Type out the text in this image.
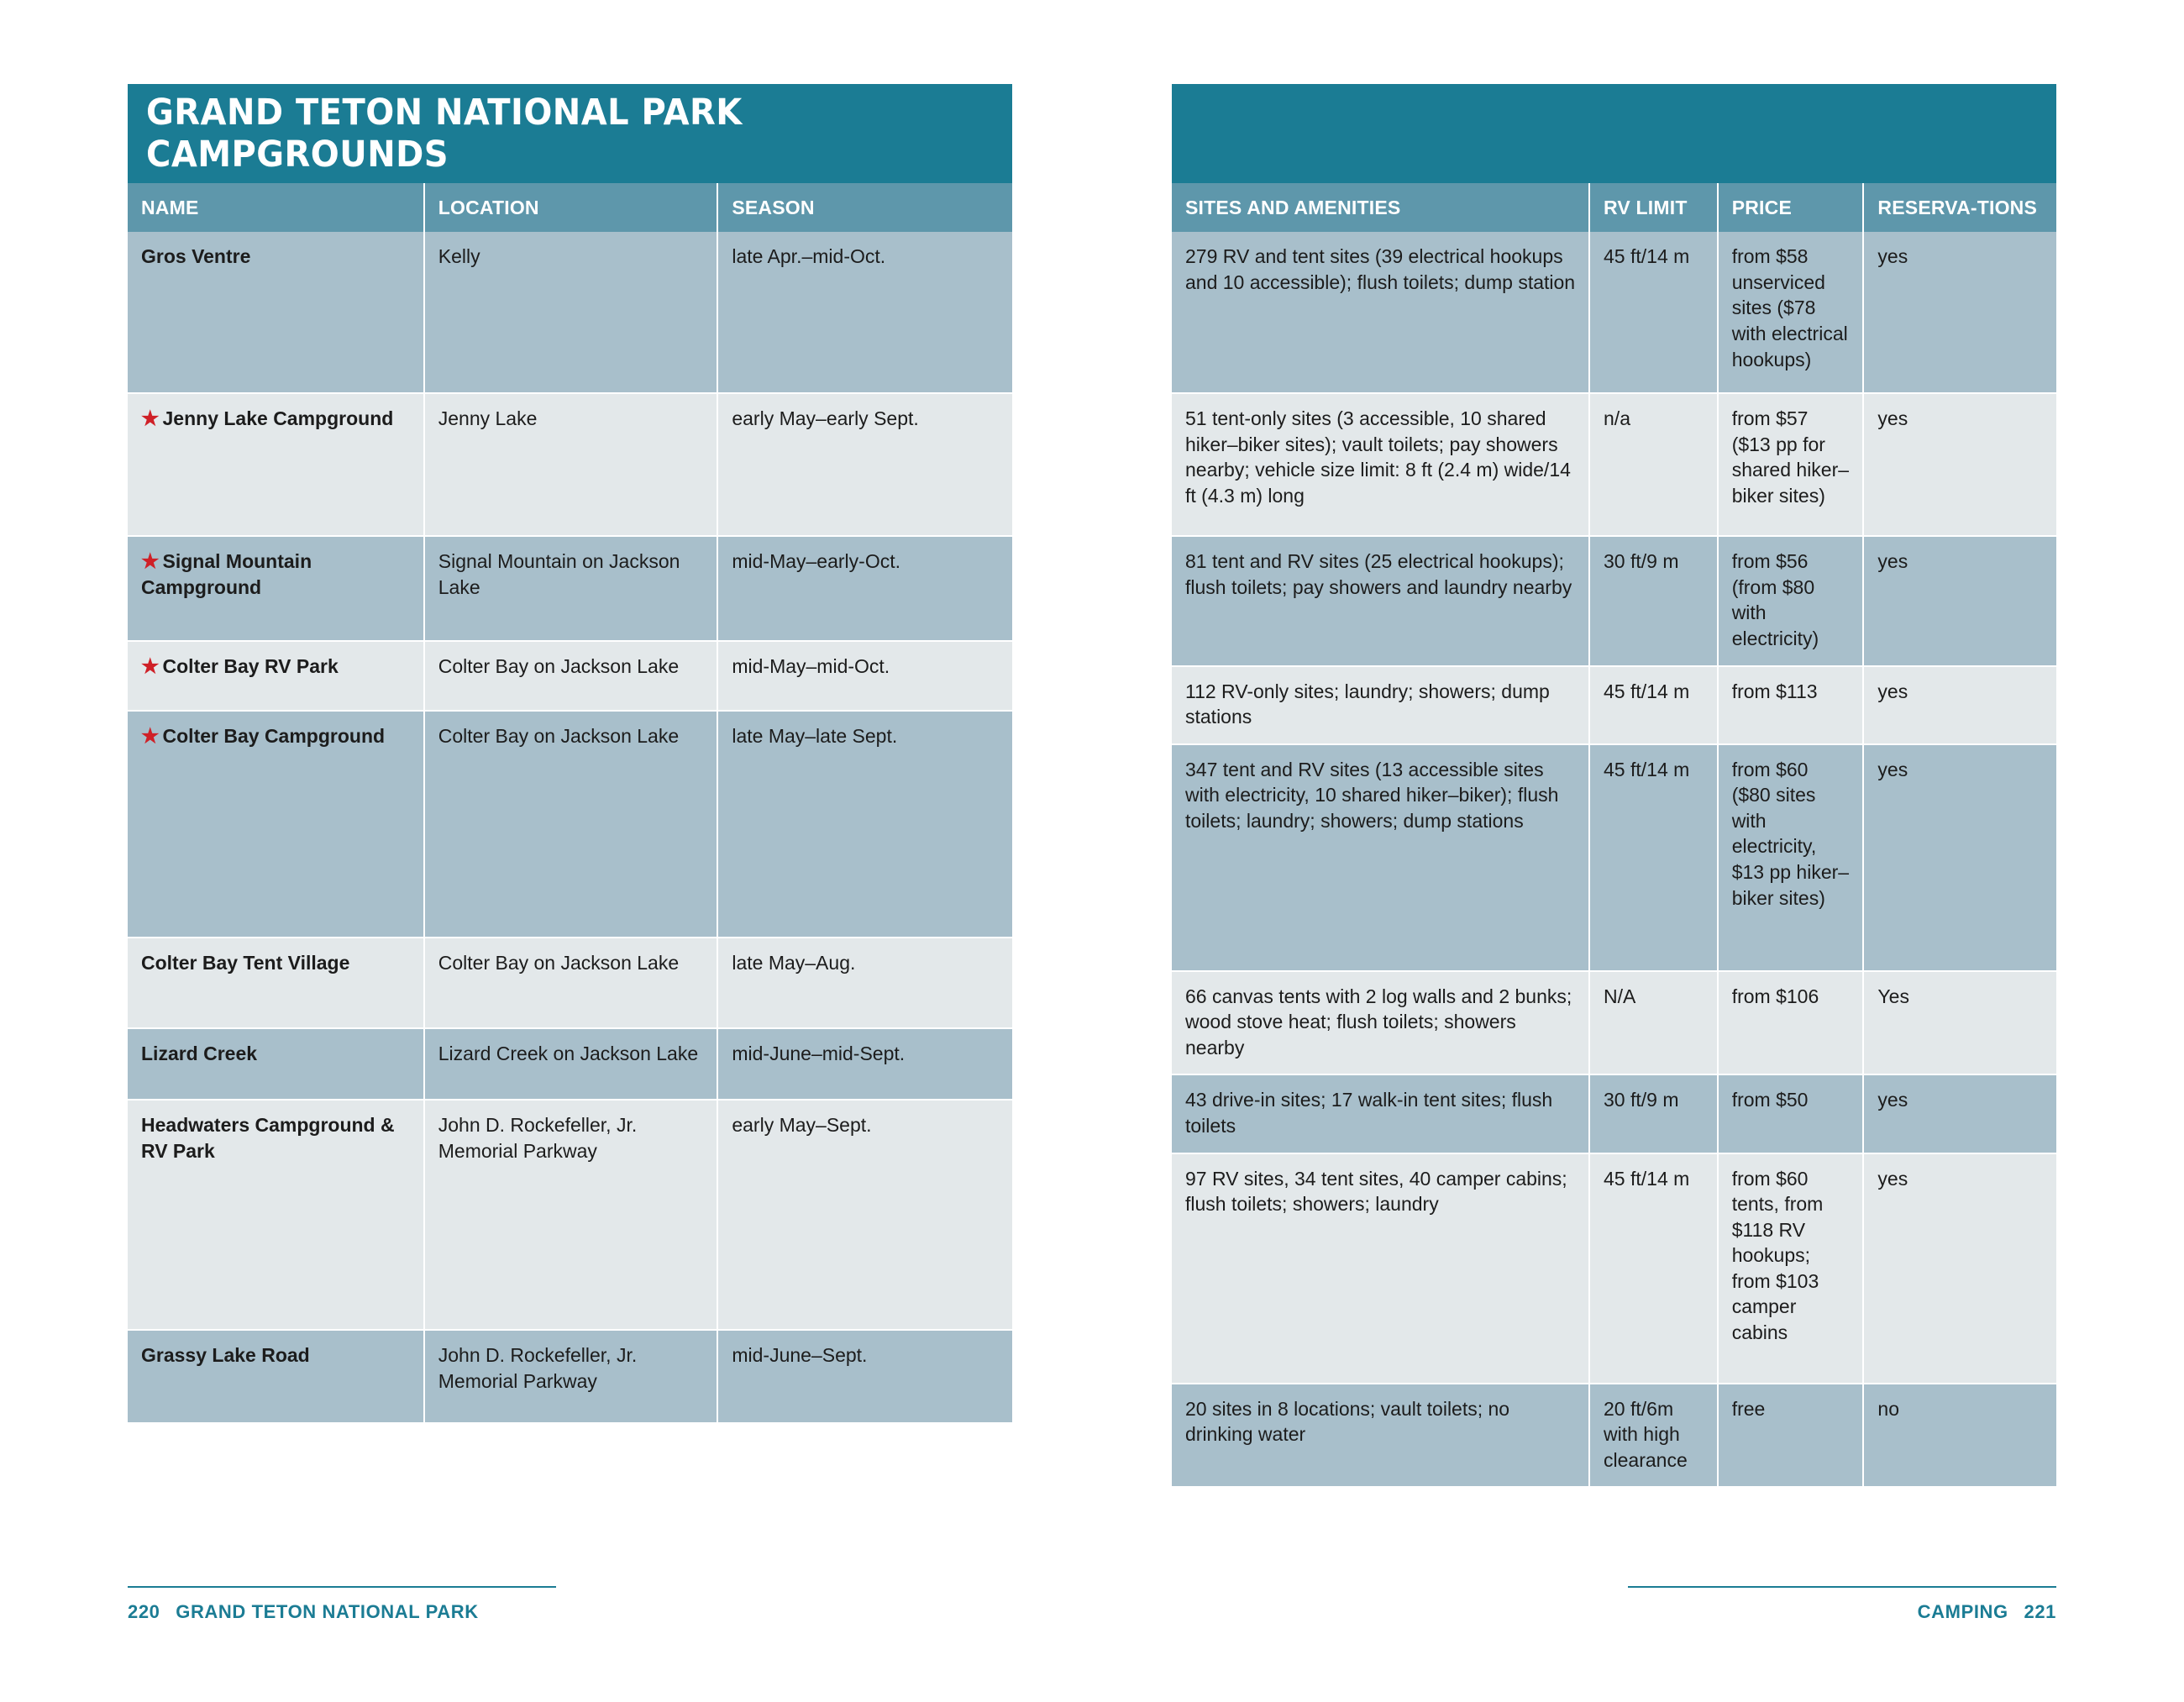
GRAND TETON NATIONAL PARK CAMPGROUNDS
NAME	LOCATION	SEASON
Gros Ventre	Kelly	late Apr.–mid-Oct.
★ Jenny Lake Campground	Jenny Lake	early May–early Sept.
★ Signal Mountain Campground	Signal Mountain on Jackson Lake	mid-May–early-Oct.
★ Colter Bay RV Park	Colter Bay on Jackson Lake	mid-May–mid-Oct.
★ Colter Bay Campground	Colter Bay on Jackson Lake	late May–late Sept.
Colter Bay Tent Village	Colter Bay on Jackson Lake	late May–Aug.
Lizard Creek	Lizard Creek on Jackson Lake	mid-June–mid-Sept.
Headwaters Campground & RV Park	John D. Rockefeller, Jr. Memorial Parkway	early May–Sept.
Grassy Lake Road	John D. Rockefeller, Jr. Memorial Parkway	mid-June–Sept.
220 GRAND TETON NATIONAL PARK
SITES AND AMENITIES	RV LIMIT	PRICE	RESERVA-TIONS
279 RV and tent sites (39 electrical hookups and 10 accessible); flush toilets; dump station	45 ft/14 m	from $58 unserviced sites ($78 with electrical hookups)	yes
51 tent-only sites (3 accessible, 10 shared hiker–biker sites); vault toilets; pay showers nearby; vehicle size limit: 8 ft (2.4 m) wide/14 ft (4.3 m) long	n/a	from $57 ($13 pp for shared hiker–biker sites)	yes
81 tent and RV sites (25 electrical hookups); flush toilets; pay showers and laundry nearby	30 ft/9 m	from $56 (from $80 with electricity)	yes
112 RV-only sites; laundry; showers; dump stations	45 ft/14 m	from $113	yes
347 tent and RV sites (13 accessible sites with electricity, 10 shared hiker–biker); flush toilets; laundry; showers; dump stations	45 ft/14 m	from $60 ($80 sites with electricity, $13 pp hiker–biker sites)	yes
66 canvas tents with 2 log walls and 2 bunks; wood stove heat; flush toilets; showers nearby	N/A	from $106	Yes
43 drive-in sites; 17 walk-in tent sites; flush toilets	30 ft/9 m	from $50	yes
97 RV sites, 34 tent sites, 40 camper cabins; flush toilets; showers; laundry	45 ft/14 m	from $60 tents, from $118 RV hookups; from $103 camper cabins	yes
20 sites in 8 locations; vault toilets; no drinking water	20 ft/6m with high clearance	free	no
CAMPING 221
